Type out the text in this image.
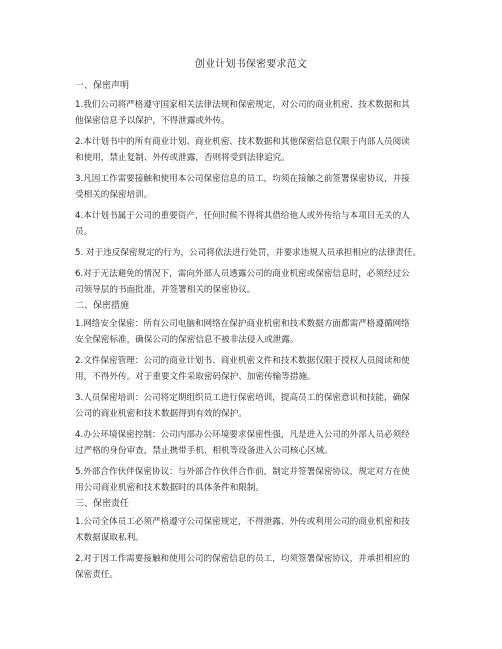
创业计划书保密要求范文
一、保密声明
1.我们公司将严格遵守国家相关法律法规和保密规定，对公司的商业机密、技术数据和其
他保密信息予以保护，不得泄露或外传。
2.本计划书中的所有商业计划、商业机密、技术数据和其他保密信息仅限于内部人员阅读
和使用，禁止复制、外传或泄露，否则将受到法律追究。
3.凡因工作需要接触和使用本公司保密信息的员工，均须在接触之前签署保密协议，并接
受相关的保密培训。
4.本计划书属于公司的重要资产，任何时候不得将其借给他人或外传给与本项目无关的人
员。
5. 对于违反保密规定的行为，公司将依法进行处罚，并要求违规人员承担相应的法律责任。
6.对于无法避免的情况下，需向外部人员透露公司的商业机密或保密信息时，必须经过公
司领导层的书面批准，并签署相关的保密协议。
二、保密措施
1.网络安全保密：所有公司电脑和网络在保护商业机密和技术数据方面都需严格遵循网络
安全保密标准，确保公司的保密信息不被非法侵入或泄露。
2.文件保密管理：公司的商业计划书、商业机密文件和技术数据仅限于授权人员阅读和使
用，不得外传。对于重要文件采取密码保护、加密传输等措施。
3.人员保密培训：公司将定期组织员工进行保密培训，提高员工的保密意识和技能，确保
公司的商业机密和技术数据得到有效的保护。
4.办公环境保密控制：公司内部办公环境要求保密性强，凡是进入公司的外部人员必须经
过严格的身份审查，禁止携带手机、相机等设备进入公司核心区域。
5.外部合作伙伴保密协议：与外部合作伙伴合作前，制定并签署保密协议，规定对方在使
用公司商业机密和技术数据时的具体条件和限制。
三、保密责任
1.公司全体员工必须严格遵守公司保密规定，不得泄露、外传或利用公司的商业机密和技
术数据谋取私利。
2.对于因工作需要接触和使用公司的保密信息的员工，均须签署保密协议，并承担相应的
保密责任。
